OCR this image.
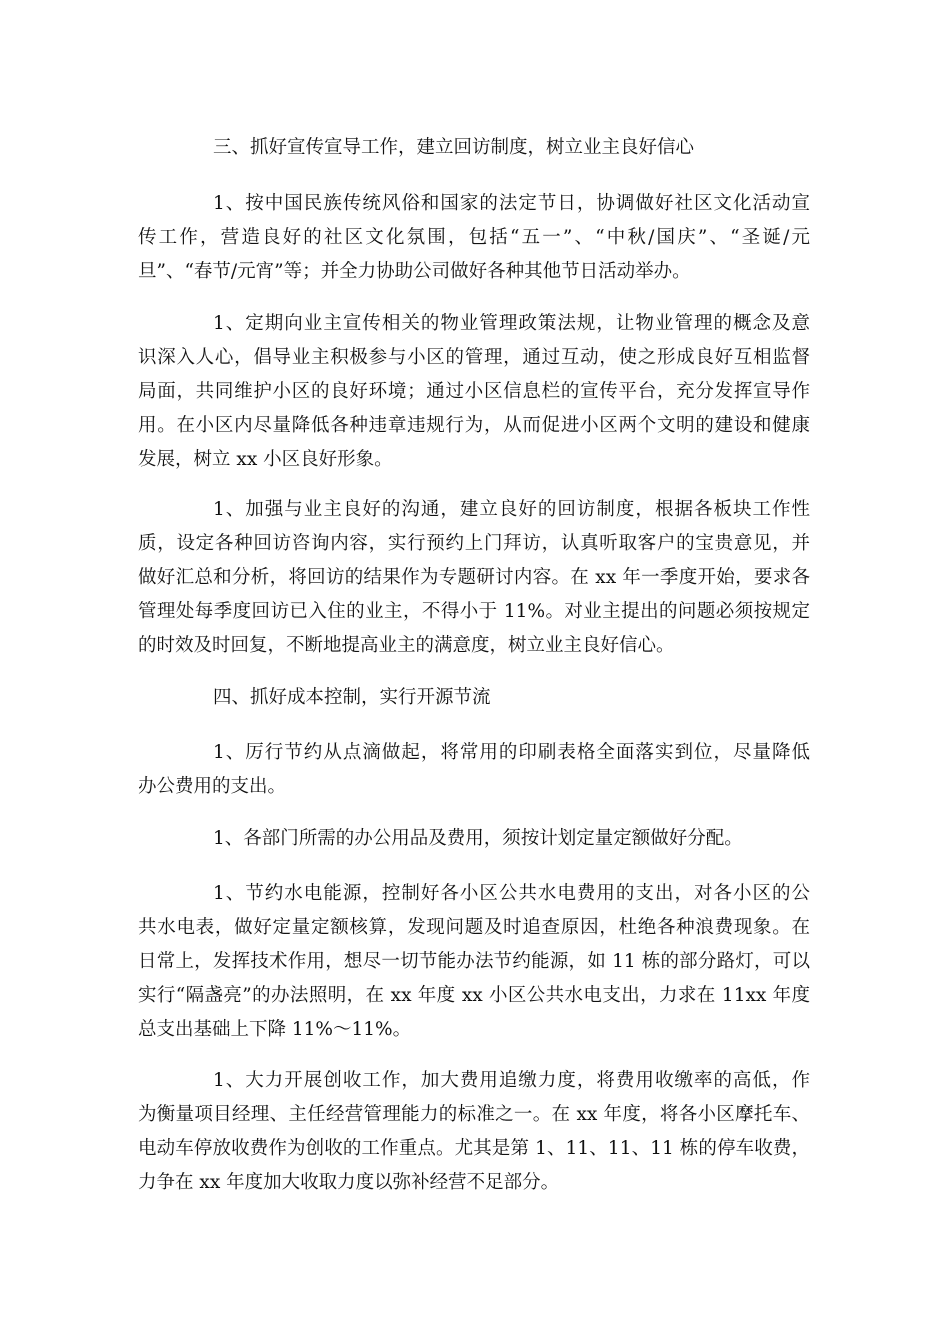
三、抓好宣传宣导工作，建立回访制度，树立业主良好信心

1、按中国民族传统风俗和国家的法定节日，协调做好社区文化活动宣
传工作，营造良好的社区文化氛围，包括“五一”、“中秋/国庆”、“圣诞/元
旦”、“春节/元宵”等；并全力协助公司做好各种其他节日活动举办。

1、定期向业主宣传相关的物业管理政策法规，让物业管理的概念及意
识深入人心，倡导业主积极参与小区的管理，通过互动，使之形成良好互相监督
局面，共同维护小区的良好环境；通过小区信息栏的宣传平台，充分发挥宣导作
用。在小区内尽量降低各种违章违规行为，从而促进小区两个文明的建设和健康
发展，树立 xx 小区良好形象。

1、加强与业主良好的沟通，建立良好的回访制度，根据各板块工作性
质，设定各种回访咨询内容，实行预约上门拜访，认真听取客户的宝贵意见，并
做好汇总和分析，将回访的结果作为专题研讨内容。在 xx 年一季度开始，要求各
管理处每季度回访已入住的业主，不得小于 11%。对业主提出的问题必须按规定
的时效及时回复，不断地提高业主的满意度，树立业主良好信心。

四、抓好成本控制，实行开源节流

1、厉行节约从点滴做起，将常用的印刷表格全面落实到位，尽量降低
办公费用的支出。

1、各部门所需的办公用品及费用，须按计划定量定额做好分配。

1、节约水电能源，控制好各小区公共水电费用的支出，对各小区的公
共水电表，做好定量定额核算，发现问题及时追查原因，杜绝各种浪费现象。在
日常上，发挥技术作用，想尽一切节能办法节约能源，如 11 栋的部分路灯，可以
实行“隔盏亮”的办法照明，在 xx 年度 xx 小区公共水电支出，力求在 11xx 年度
总支出基础上下降 11%～11%。

1、大力开展创收工作，加大费用追缴力度，将费用收缴率的高低，作
为衡量项目经理、主任经营管理能力的标准之一。在 xx 年度，将各小区摩托车、
电动车停放收费作为创收的工作重点。尤其是第 1、11、11、11 栋的停车收费，
力争在 xx 年度加大收取力度以弥补经营不足部分。
